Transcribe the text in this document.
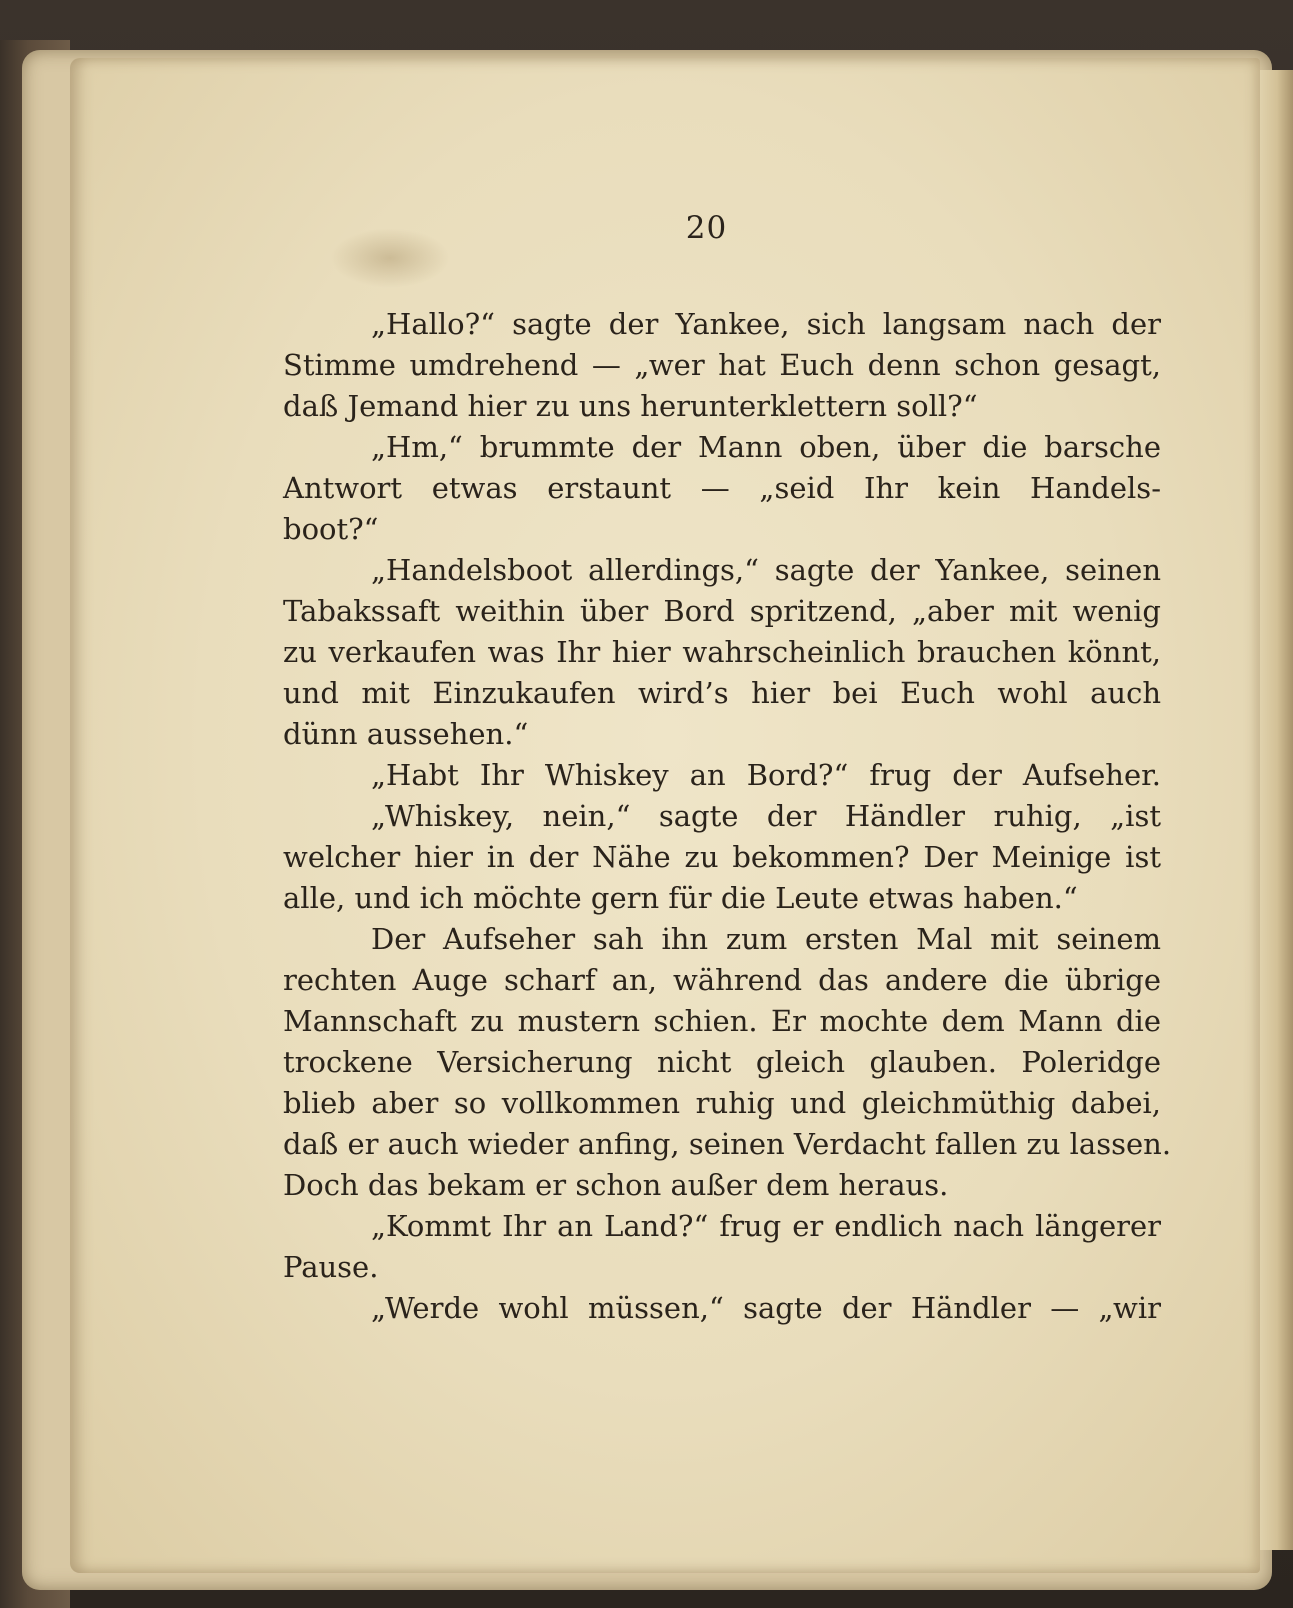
20
„Hallo?“ sagte der Yankee, sich langsam nach der
Stimme umdrehend — „wer hat Euch denn schon gesagt,
daß Jemand hier zu uns herunterklettern soll?“
„Hm,“ brummte der Mann oben, über die barsche
Antwort etwas erstaunt — „seid Ihr kein Handels-
boot?“
„Handelsboot allerdings,“ sagte der Yankee, seinen
Tabakssaft weithin über Bord spritzend, „aber mit wenig
zu verkaufen was Ihr hier wahrscheinlich brauchen könnt,
und mit Einzukaufen wird’s hier bei Euch wohl auch
dünn aussehen.“
„Habt Ihr Whiskey an Bord?“ frug der Aufseher.
„Whiskey, nein,“ sagte der Händler ruhig, „ist
welcher hier in der Nähe zu bekommen? Der Meinige ist
alle, und ich möchte gern für die Leute etwas haben.“
Der Aufseher sah ihn zum ersten Mal mit seinem
rechten Auge scharf an, während das andere die übrige
Mannschaft zu mustern schien. Er mochte dem Mann die
trockene Versicherung nicht gleich glauben. Poleridge
blieb aber so vollkommen ruhig und gleichmüthig dabei,
daß er auch wieder anfing, seinen Verdacht fallen zu lassen.
Doch das bekam er schon außer dem heraus.
„Kommt Ihr an Land?“ frug er endlich nach längerer
Pause.
„Werde wohl müssen,“ sagte der Händler — „wir
